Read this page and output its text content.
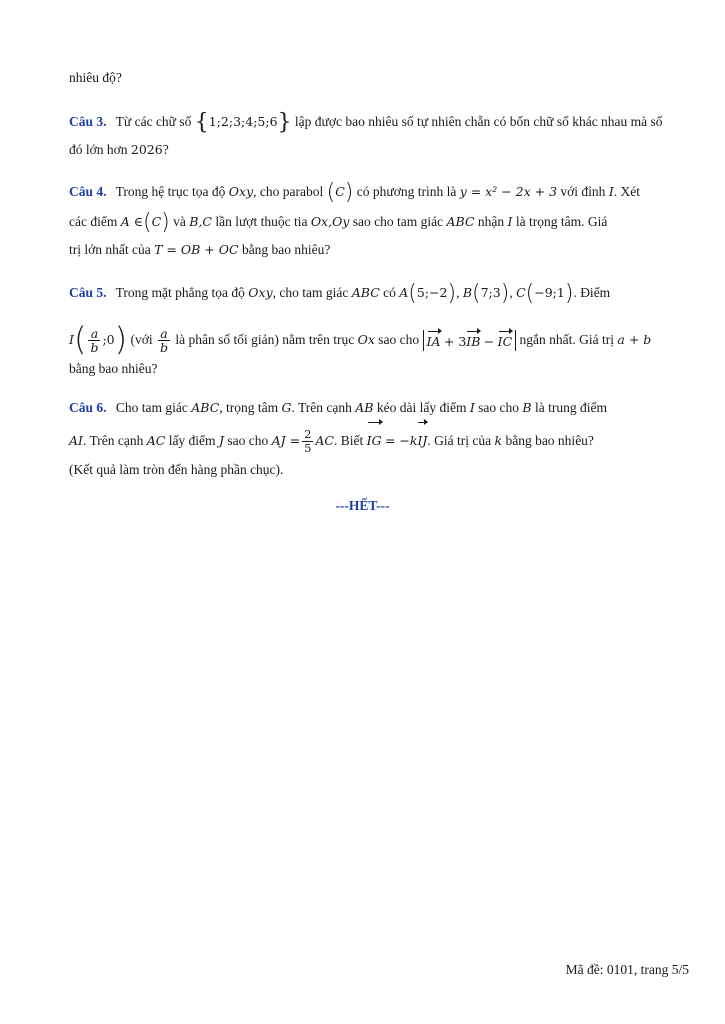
nhiêu độ?
Câu 3. Từ các chữ số {1;2;3;4;5;6} lập được bao nhiêu số tự nhiên chẵn có bốn chữ số khác nhau mà số
đó lớn hơn 2026?
Câu 4. Trong hệ trục tọa độ Oxy, cho parabol (C) có phương trình là y = x² − 2x + 3 với đỉnh I. Xét
các điểm A ∈(C) và B,C lần lượt thuộc tia Ox,Oy sao cho tam giác ABC nhận I là trọng tâm. Giá
trị lớn nhất của T = OB + OC bằng bao nhiêu?
Câu 5. Trong mặt phẳng tọa độ Oxy, cho tam giác ABC có A(5;−2), B(7;3), C(−9;1). Điểm
$I( \frac{a}{b}$ ;0) (với $\frac{a}{b}$ là phân số tối giản) nằm trên trục Ox sao cho IA + 3IB − IC ngắn nhất. Giá trị a + b
bằng bao nhiêu?
Câu 6. Cho tam giác ABC, trọng tâm G. Trên cạnh AB kéo dài lấy điểm I sao cho B là trung điểm
AI. Trên cạnh AC lấy điểm J sao cho AJ = $\frac{2}{5}$ AC. Biết IG = −kIJ. Giá trị của k bằng bao nhiêu?
(Kết quả làm tròn đến hàng phần chục).
---HẾT---
Mã đề: 0101, trang 5/5
